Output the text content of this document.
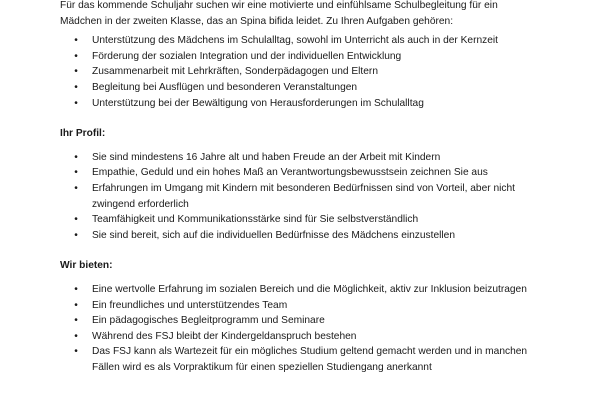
Für das kommende Schuljahr suchen wir eine motivierte und einfühlsame Schulbegleitung für ein

Mädchen in der zweiten Klasse, das an Spina bifida leidet. Zu Ihren Aufgaben gehören:

• Unterstützung des Mädchens im Schulalltag, sowohl im Unterricht als auch in der Kernzeit
• Förderung der sozialen Integration und der individuellen Entwicklung
• Zusammenarbeit mit Lehrkräften, Sonderpädagogen und Eltern
• Begleitung bei Ausflügen und besonderen Veranstaltungen
• Unterstützung bei der Bewältigung von Herausforderungen im Schulalltag
Ihr Profil:
• Sie sind mindestens 16 Jahre alt und haben Freude an der Arbeit mit Kindern
• Empathie, Geduld und ein hohes Maß an Verantwortungsbewusstsein zeichnen Sie aus
• Erfahrungen im Umgang mit Kindern mit besonderen Bedürfnissen sind von Vorteil, aber nicht zwingend erforderlich
• Teamfähigkeit und Kommunikationsstärke sind für Sie selbstverständlich
• Sie sind bereit, sich auf die individuellen Bedürfnisse des Mädchens einzustellen
Wir bieten:
• Eine wertvolle Erfahrung im sozialen Bereich und die Möglichkeit, aktiv zur Inklusion beizutragen
• Ein freundliches und unterstützendes Team
• Ein pädagogisches Begleitprogramm und Seminare
• Während des FSJ bleibt der Kindergeldanspruch bestehen
• Das FSJ kann als Wartezeit für ein mögliches Studium geltend gemacht werden und in manchen Fällen wird es als Vorpraktikum für einen speziellen Studiengang anerkannt
